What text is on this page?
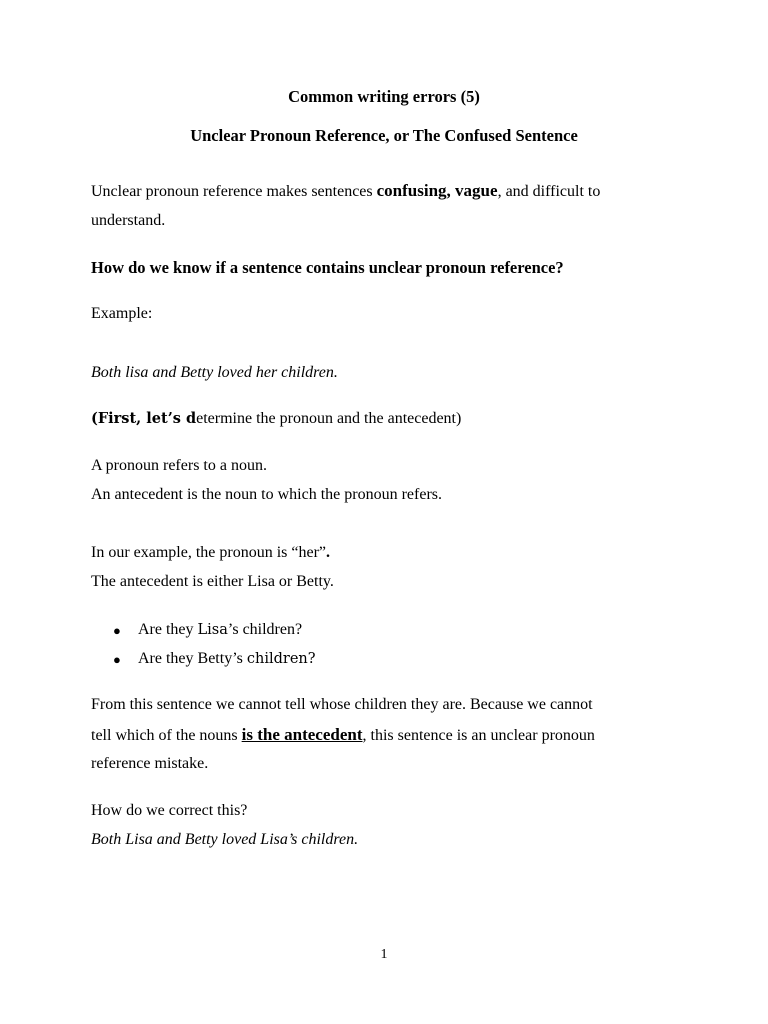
Common writing errors (5)
Unclear Pronoun Reference, or The Confused Sentence
Unclear pronoun reference makes sentences confusing, vague, and difficult to
understand.
How do we know if a sentence contains unclear pronoun reference?
Example:
Both lisa and Betty loved her children.
(First, let’s determine the pronoun and the antecedent)
A pronoun refers to a noun.
An antecedent is the noun to which the pronoun refers.
In our example, the pronoun is “her”.
The antecedent is either Lisa or Betty.
● Are they Lisa’s children?
● Are they Betty’s children?
From this sentence we cannot tell whose children they are. Because we cannot
tell which of the nouns is the antecedent, this sentence is an unclear pronoun
reference mistake.
How do we correct this?
Both Lisa and Betty loved Lisa’s children.
1
